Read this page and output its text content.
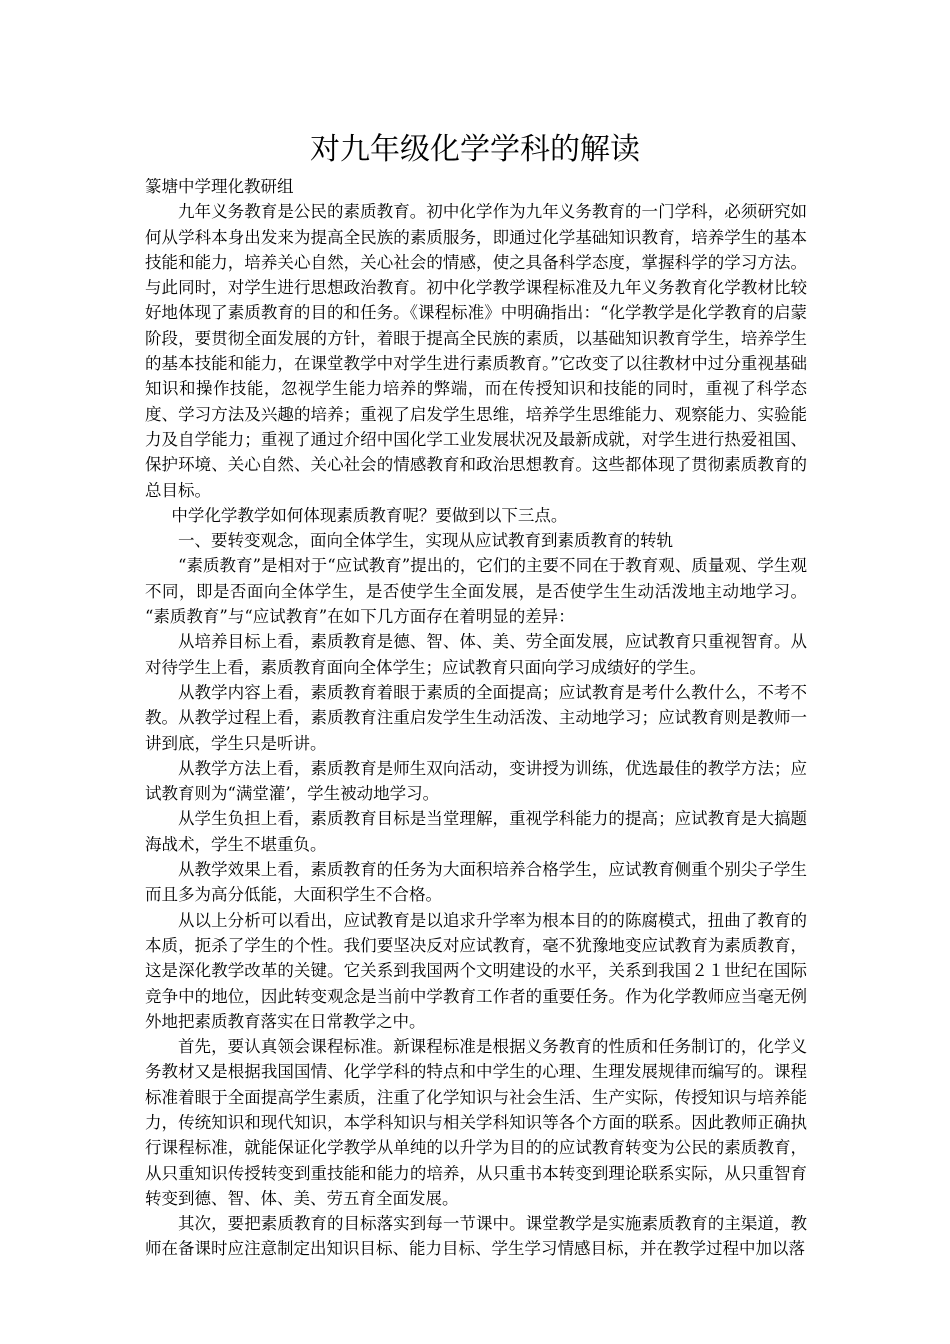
对九年级化学学科的解读

篆塘中学理化教研组

九年义务教育是公民的素质教育。初中化学作为九年义务教育的一门学科，必须研究如何从学科本身出发来为提高全民族的素质服务，即通过化学基础知识教育，培养学生的基本技能和能力，培养关心自然，关心社会的情感，使之具备科学态度，掌握科学的学习方法。与此同时，对学生进行思想政治教育。初中化学教学课程标准及九年义务教育化学教材比较好地体现了素质教育的目的和任务。《课程标准》中明确指出：“化学教学是化学教育的启蒙阶段，要贯彻全面发展的方针，着眼于提高全民族的素质，以基础知识教育学生，培养学生的基本技能和能力，在课堂教学中对学生进行素质教育。”它改变了以往教材中过分重视基础知识和操作技能，忽视学生能力培养的弊端，而在传授知识和技能的同时，重视了科学态度、学习方法及兴趣的培养；重视了启发学生思维，培养学生思维能力、观察能力、实验能力及自学能力；重视了通过介绍中国化学工业发展状况及最新成就，对学生进行热爱祖国、保护环境、关心自然、关心社会的情感教育和政治思想教育。这些都体现了贯彻素质教育的总目标。

中学化学教学如何体现素质教育呢？要做到以下三点。

一、要转变观念，面向全体学生，实现从应试教育到素质教育的转轨

“素质教育”是相对于“应试教育”提出的，它们的主要不同在于教育观、质量观、学生观不同，即是否面向全体学生，是否使学生全面发展，是否使学生生动活泼地主动地学习。 “素质教育”与“应试教育”在如下几方面存在着明显的差异：

从培养目标上看，素质教育是德、智、体、美、劳全面发展，应试教育只重视智育。从对待学生上看，素质教育面向全体学生；应试教育只面向学习成绩好的学生。

从教学内容上看，素质教育着眼于素质的全面提高；应试教育是考什么教什么，不考不教。从教学过程上看，素质教育注重启发学生生动活泼、主动地学习；应试教育则是教师一讲到底，学生只是听讲。

从教学方法上看，素质教育是师生双向活动，变讲授为训练，优选最佳的教学方法；应试教育则为“满堂灌’，学生被动地学习。

从学生负担上看，素质教育目标是当堂理解，重视学科能力的提高；应试教育是大搞题海战术，学生不堪重负。

从教学效果上看，素质教育的任务为大面积培养合格学生，应试教育侧重个别尖子学生而且多为高分低能，大面积学生不合格。

从以上分析可以看出，应试教育是以追求升学率为根本目的的陈腐模式，扭曲了教育的本质，扼杀了学生的个性。我们要坚决反对应试教育，毫不犹豫地变应试教育为素质教育，这是深化教学改革的关键。它关系到我国两个文明建设的水平，关系到我国２１世纪在国际竞争中的地位，因此转变观念是当前中学教育工作者的重要任务。作为化学教师应当毫无例外地把素质教育落实在日常教学之中。

首先，要认真领会课程标准。新课程标准是根据义务教育的性质和任务制订的，化学义务教材又是根据我国国情、化学学科的特点和中学生的心理、生理发展规律而编写的。课程标准着眼于全面提高学生素质，注重了化学知识与社会生活、生产实际，传授知识与培养能力，传统知识和现代知识，本学科知识与相关学科知识等各个方面的联系。因此教师正确执行课程标准，就能保证化学教学从单纯的以升学为目的的应试教育转变为公民的素质教育，从只重知识传授转变到重技能和能力的培养，从只重书本转变到理论联系实际，从只重智育转变到德、智、体、美、劳五育全面发展。

其次，要把素质教育的目标落实到每一节课中。课堂教学是实施素质教育的主渠道，教师在备课时应注意制定出知识目标、能力目标、学生学习情感目标，并在教学过程中加以落
